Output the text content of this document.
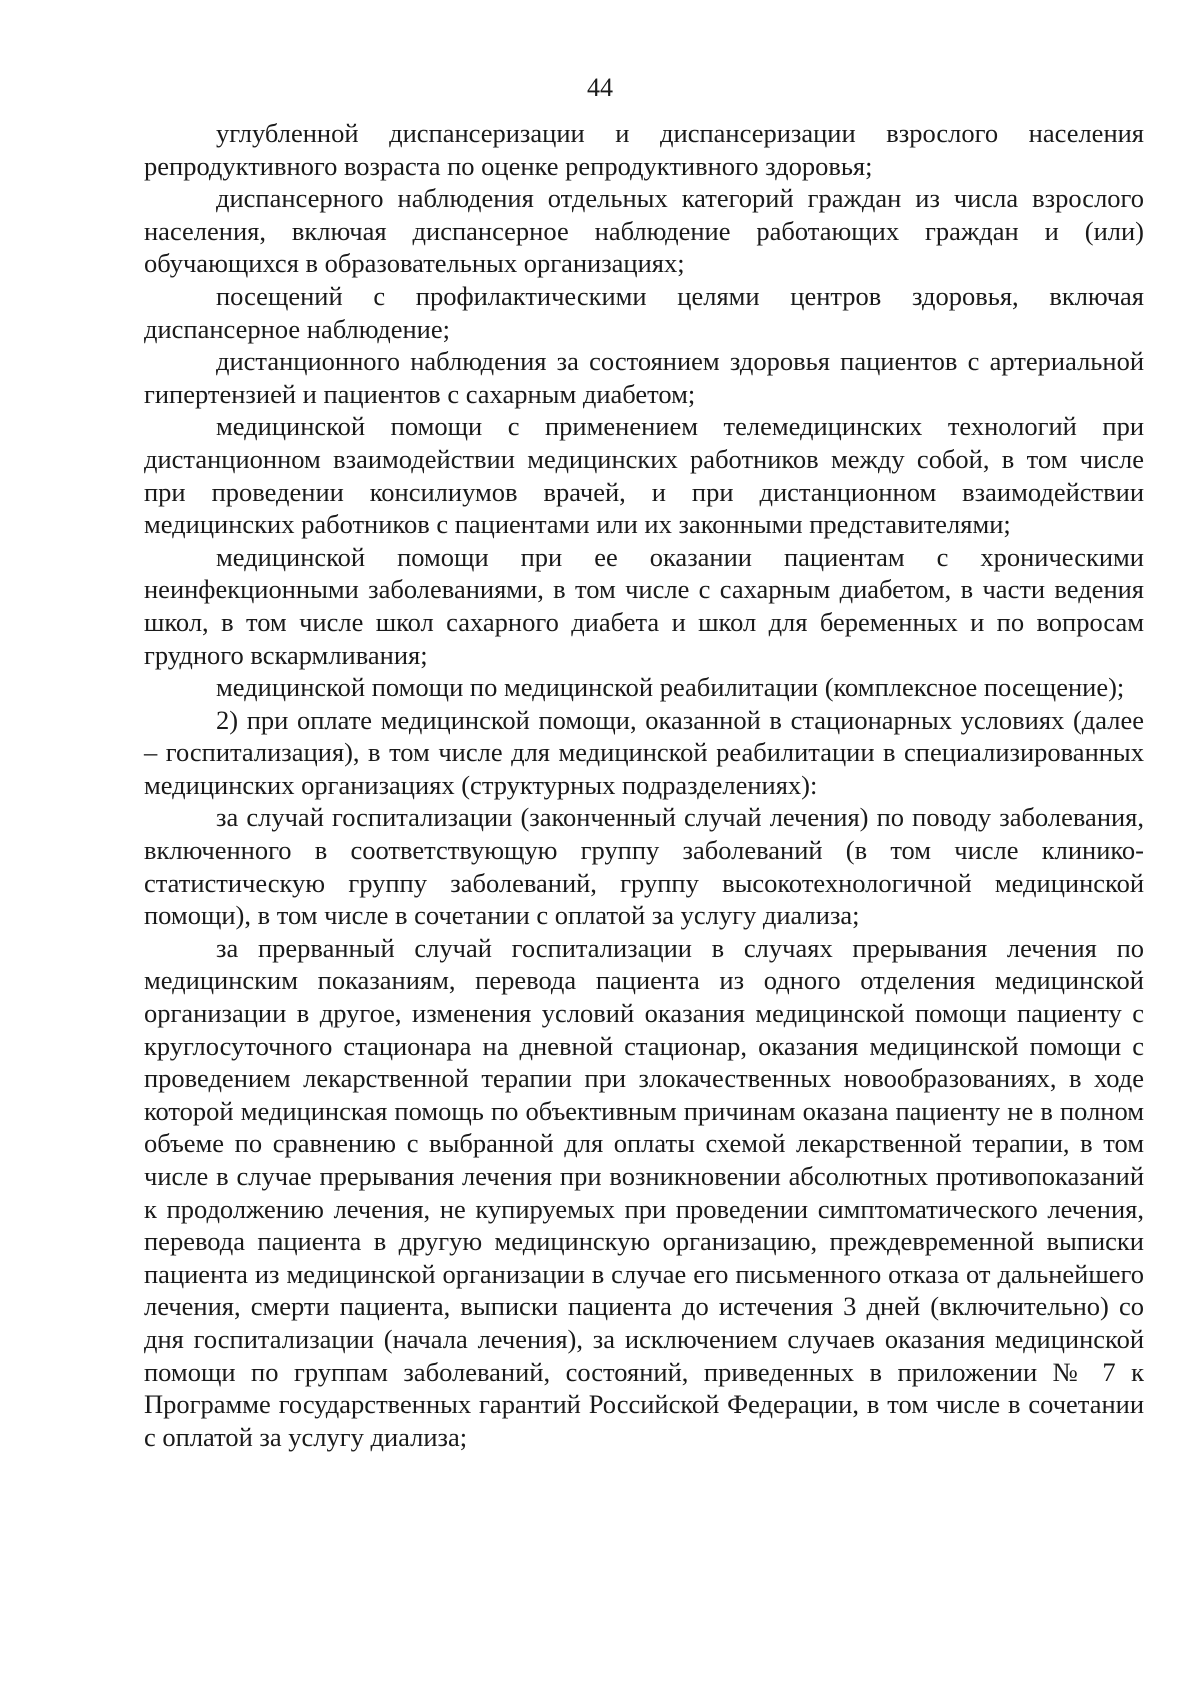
44

углубленной диспансеризации и диспансеризации взрослого населения репродуктивного возраста по оценке репродуктивного здоровья;

диспансерного наблюдения отдельных категорий граждан из числа взрослого населения, включая диспансерное наблюдение работающих граждан и (или) обучающихся в образовательных организациях;

посещений с профилактическими целями центров здоровья, включая диспансерное наблюдение;

дистанционного наблюдения за состоянием здоровья пациентов с артериальной гипертензией и пациентов с сахарным диабетом;

медицинской помощи с применением телемедицинских технологий при дистанционном взаимодействии медицинских работников между собой, в том числе при проведении консилиумов врачей, и при дистанционном взаимодействии медицинских работников с пациентами или их законными представителями;

медицинской помощи при ее оказании пациентам с хроническими неинфекционными заболеваниями, в том числе с сахарным диабетом, в части ведения школ, в том числе школ сахарного диабета и школ для беременных и по вопросам грудного вскармливания;

медицинской помощи по медицинской реабилитации (комплексное посещение);

2) при оплате медицинской помощи, оказанной в стационарных условиях (далее – госпитализация), в том числе для медицинской реабилитации в специализированных медицинских организациях (структурных подразделениях):

за случай госпитализации (законченный случай лечения) по поводу заболевания, включенного в соответствующую группу заболеваний (в том числе клинико-статистическую группу заболеваний, группу высокотехнологичной медицинской помощи), в том числе в сочетании с оплатой за услугу диализа;

за прерванный случай госпитализации в случаях прерывания лечения по медицинским показаниям, перевода пациента из одного отделения медицинской организации в другое, изменения условий оказания медицинской помощи пациенту с круглосуточного стационара на дневной стационар, оказания медицинской помощи с проведением лекарственной терапии при злокачественных новообразованиях, в ходе которой медицинская помощь по объективным причинам оказана пациенту не в полном объеме по сравнению с выбранной для оплаты схемой лекарственной терапии, в том числе в случае прерывания лечения при возникновении абсолютных противопоказаний к продолжению лечения, не купируемых при проведении симптоматического лечения, перевода пациента в другую медицинскую организацию, преждевременной выписки пациента из медицинской организации в случае его письменного отказа от дальнейшего лечения, смерти пациента, выписки пациента до истечения 3 дней (включительно) со дня госпитализации (начала лечения), за исключением случаев оказания медицинской помощи по группам заболеваний, состояний, приведенных в приложении № 7 к Программе государственных гарантий Российской Федерации, в том числе в сочетании с оплатой за услугу диализа;
